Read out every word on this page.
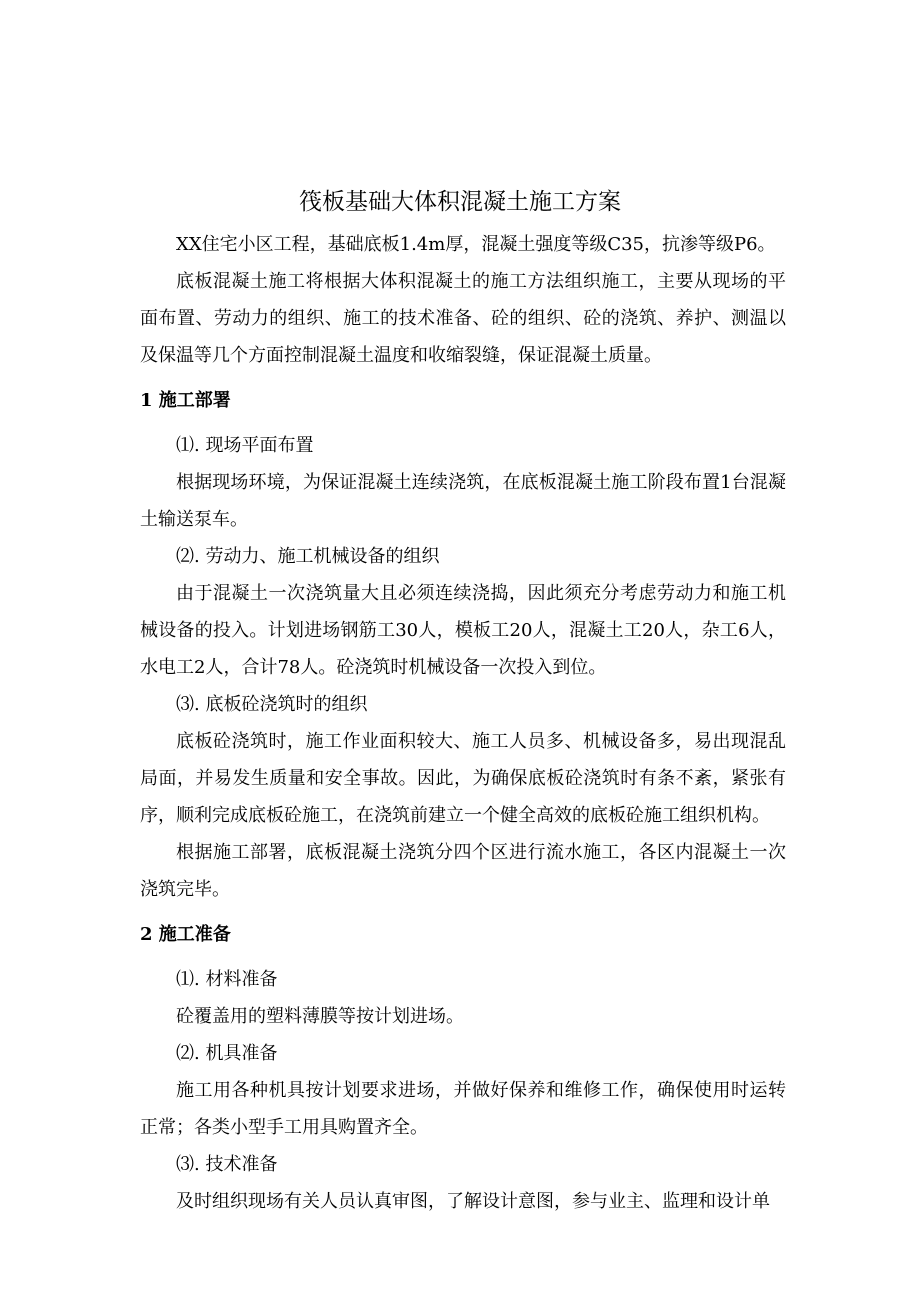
筏板基础大体积混凝土施工方案

XX住宅小区工程，基础底板1.4m厚，混凝土强度等级C35，抗渗等级P6。

底板混凝土施工将根据大体积混凝土的施工方法组织施工，主要从现场的平面布置、劳动力的组织、施工的技术准备、砼的组织、砼的浇筑、养护、测温以及保温等几个方面控制混凝土温度和收缩裂缝，保证混凝土质量。

1 施工部署
⑴. 现场平面布置

根据现场环境，为保证混凝土连续浇筑，在底板混凝土施工阶段布置1台混凝土输送泵车。

⑵. 劳动力、施工机械设备的组织

由于混凝土一次浇筑量大且必须连续浇捣，因此须充分考虑劳动力和施工机械设备的投入。计划进场钢筋工30人，模板工20人，混凝土工20人，杂工6人，水电工2人，合计78人。砼浇筑时机械设备一次投入到位。

⑶. 底板砼浇筑时的组织

底板砼浇筑时，施工作业面积较大、施工人员多、机械设备多，易出现混乱局面，并易发生质量和安全事故。因此，为确保底板砼浇筑时有条不紊，紧张有序，顺利完成底板砼施工，在浇筑前建立一个健全高效的底板砼施工组织机构。

根据施工部署，底板混凝土浇筑分四个区进行流水施工，各区内混凝土一次浇筑完毕。

2 施工准备
⑴. 材料准备

砼覆盖用的塑料薄膜等按计划进场。

⑵. 机具准备

施工用各种机具按计划要求进场，并做好保养和维修工作，确保使用时运转正常；各类小型手工用具购置齐全。

⑶. 技术准备

及时组织现场有关人员认真审图，了解设计意图，参与业主、监理和设计单
